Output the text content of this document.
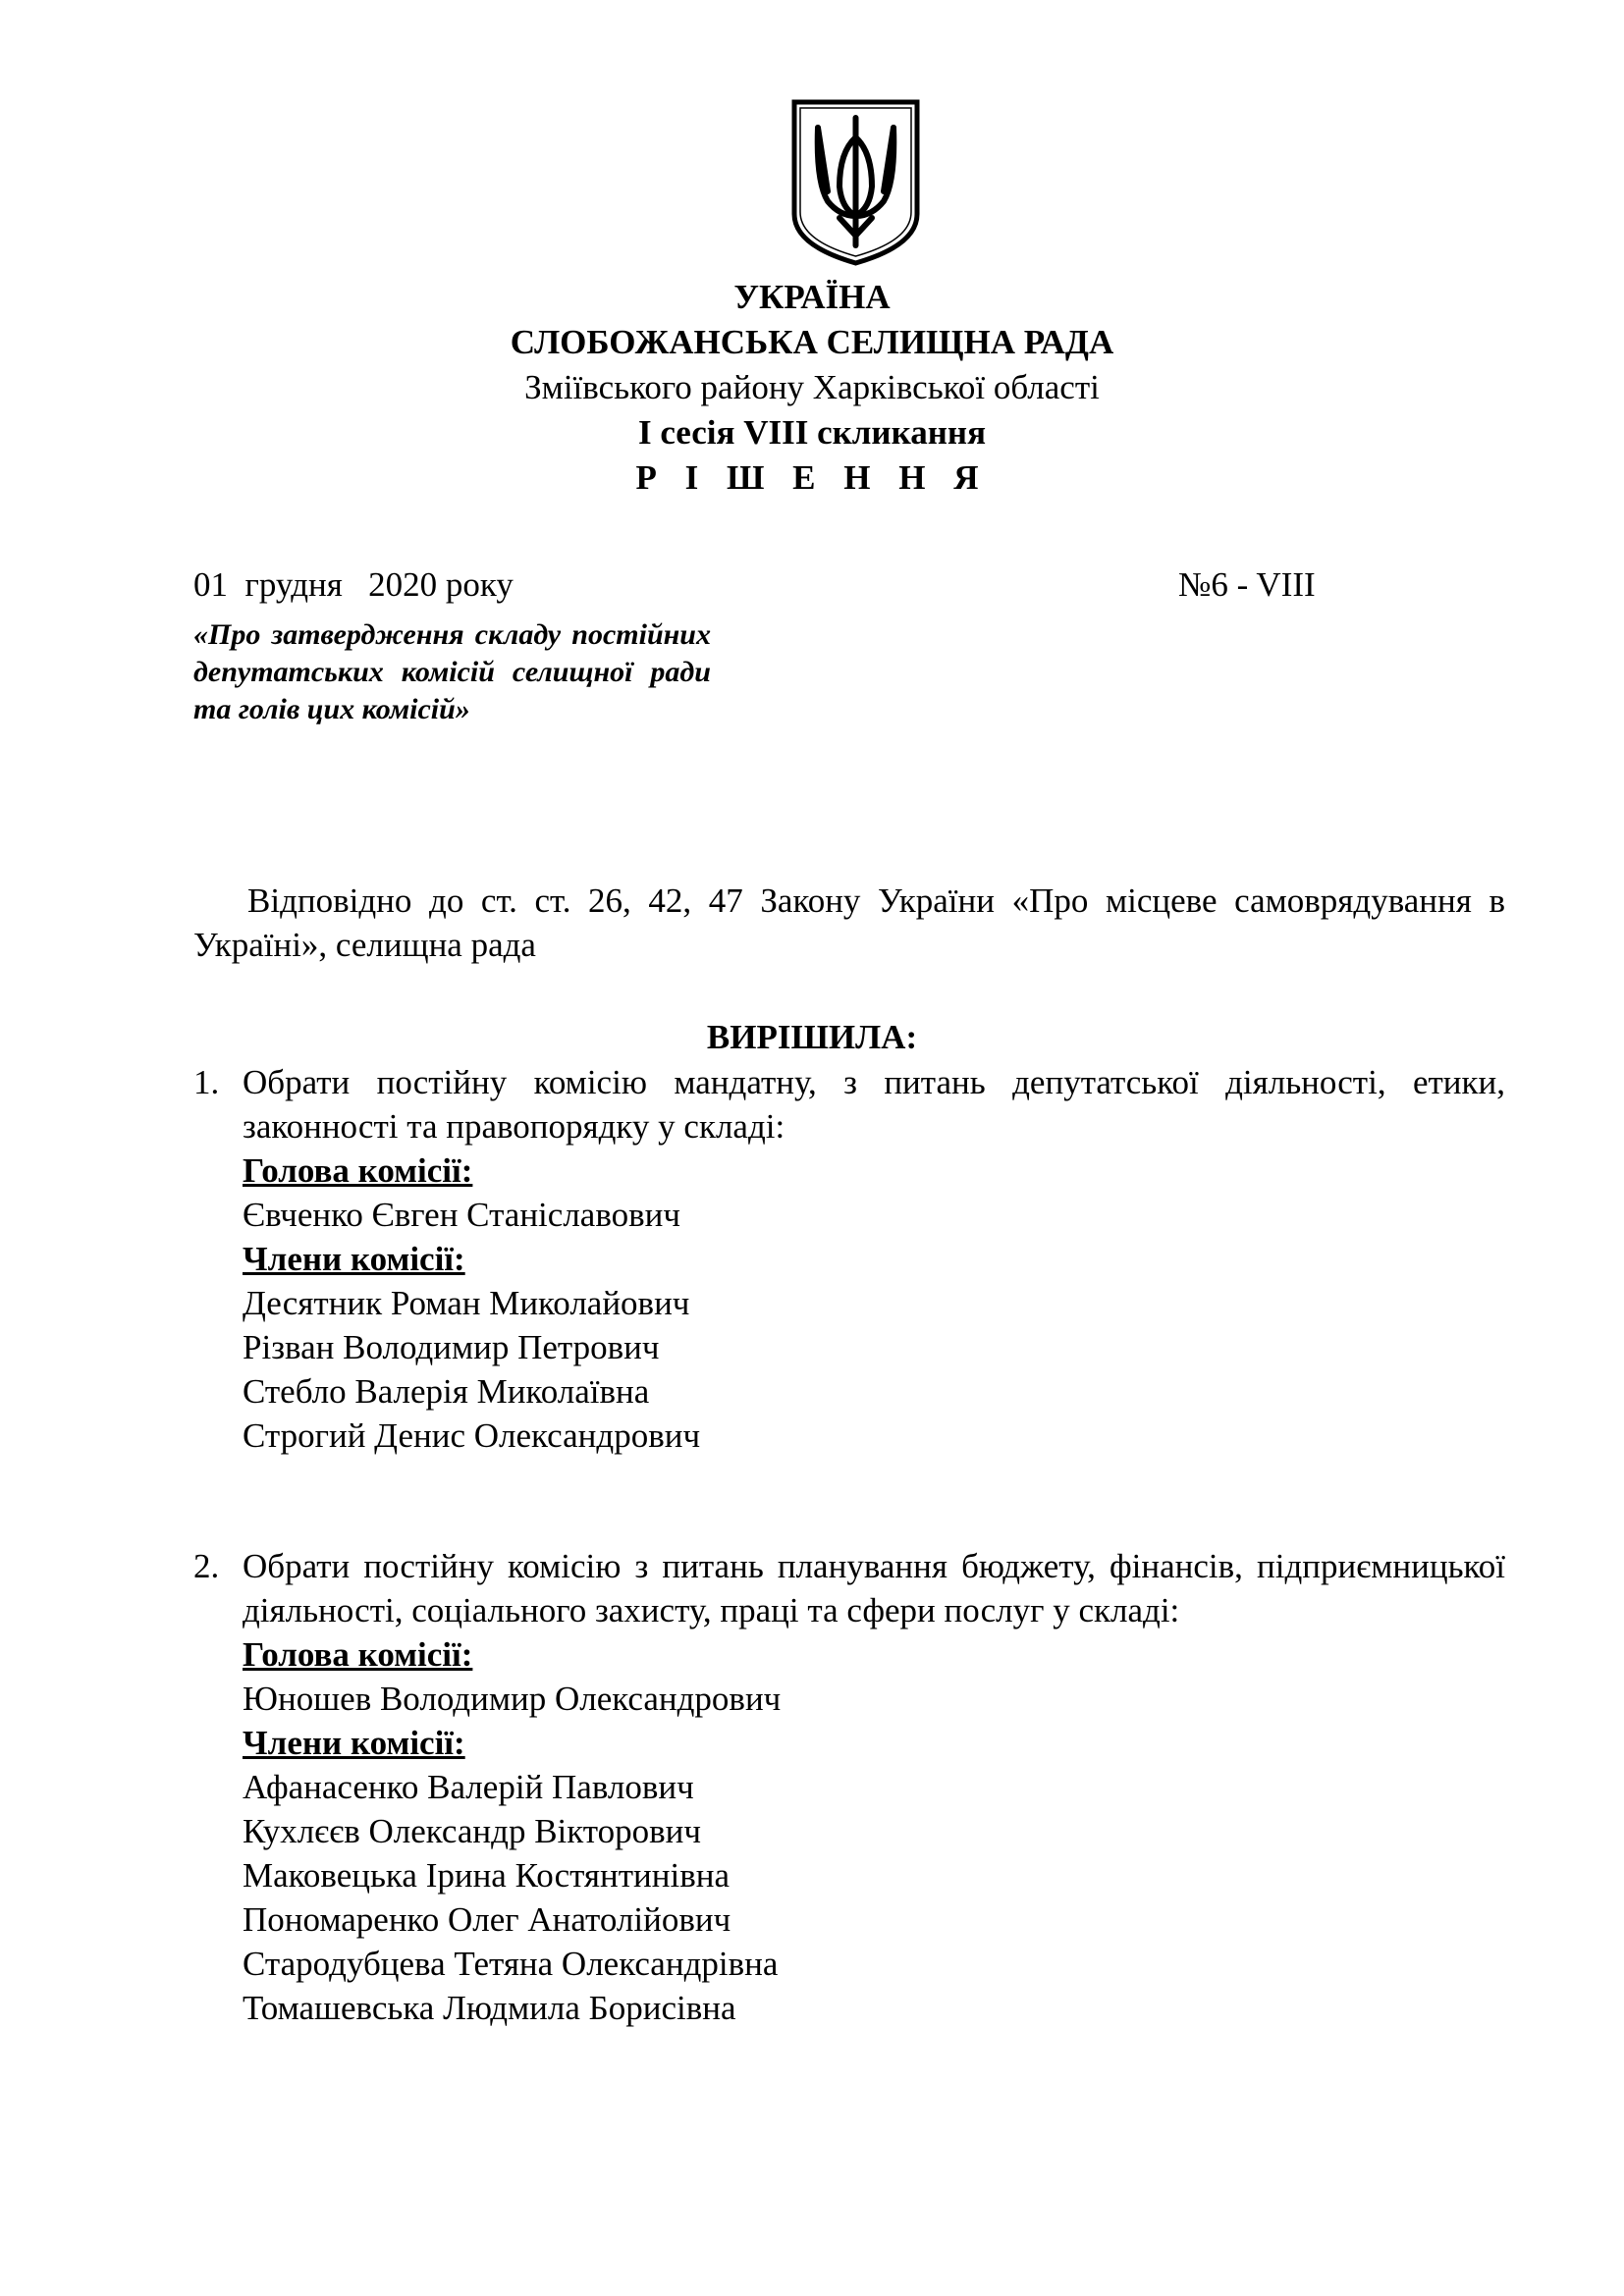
УКРАЇНА
СЛОБОЖАНСЬКА СЕЛИЩНА РАДА
Зміївського району Харківської області
І сесія VIII скликання
Р І Ш Е Н Н Я
01  грудня   2020 року	№6 - VIII
«Про затвердження складу постійних депутатських комісій селищної ради та голів цих комісій»
Відповідно до ст. ст. 26, 42, 47 Закону України «Про місцеве самоврядування в Україні», селищна рада
ВИРІШИЛА:
1. Обрати постійну комісію мандатну, з питань депутатської діяльності, етики, законності та правопорядку у складі:
Голова комісії:
Євченко Євген Станіславович
Члени комісії:
Десятник Роман Миколайович
Різван Володимир Петрович
Стебло Валерія Миколаївна
Строгий Денис Олександрович
2. Обрати постійну комісію з питань планування бюджету, фінансів, підприємницької діяльності, соціального захисту, праці та сфери послуг у складі:
Голова комісії:
Юношев Володимир Олександрович
Члени комісії:
Афанасенко Валерій Павлович
Кухлєєв Олександр Вікторович
Маковецька Ірина Костянтинівна
Пономаренко Олег Анатолійович
Стародубцева Тетяна Олександрівна
Томашевська Людмила Борисівна
